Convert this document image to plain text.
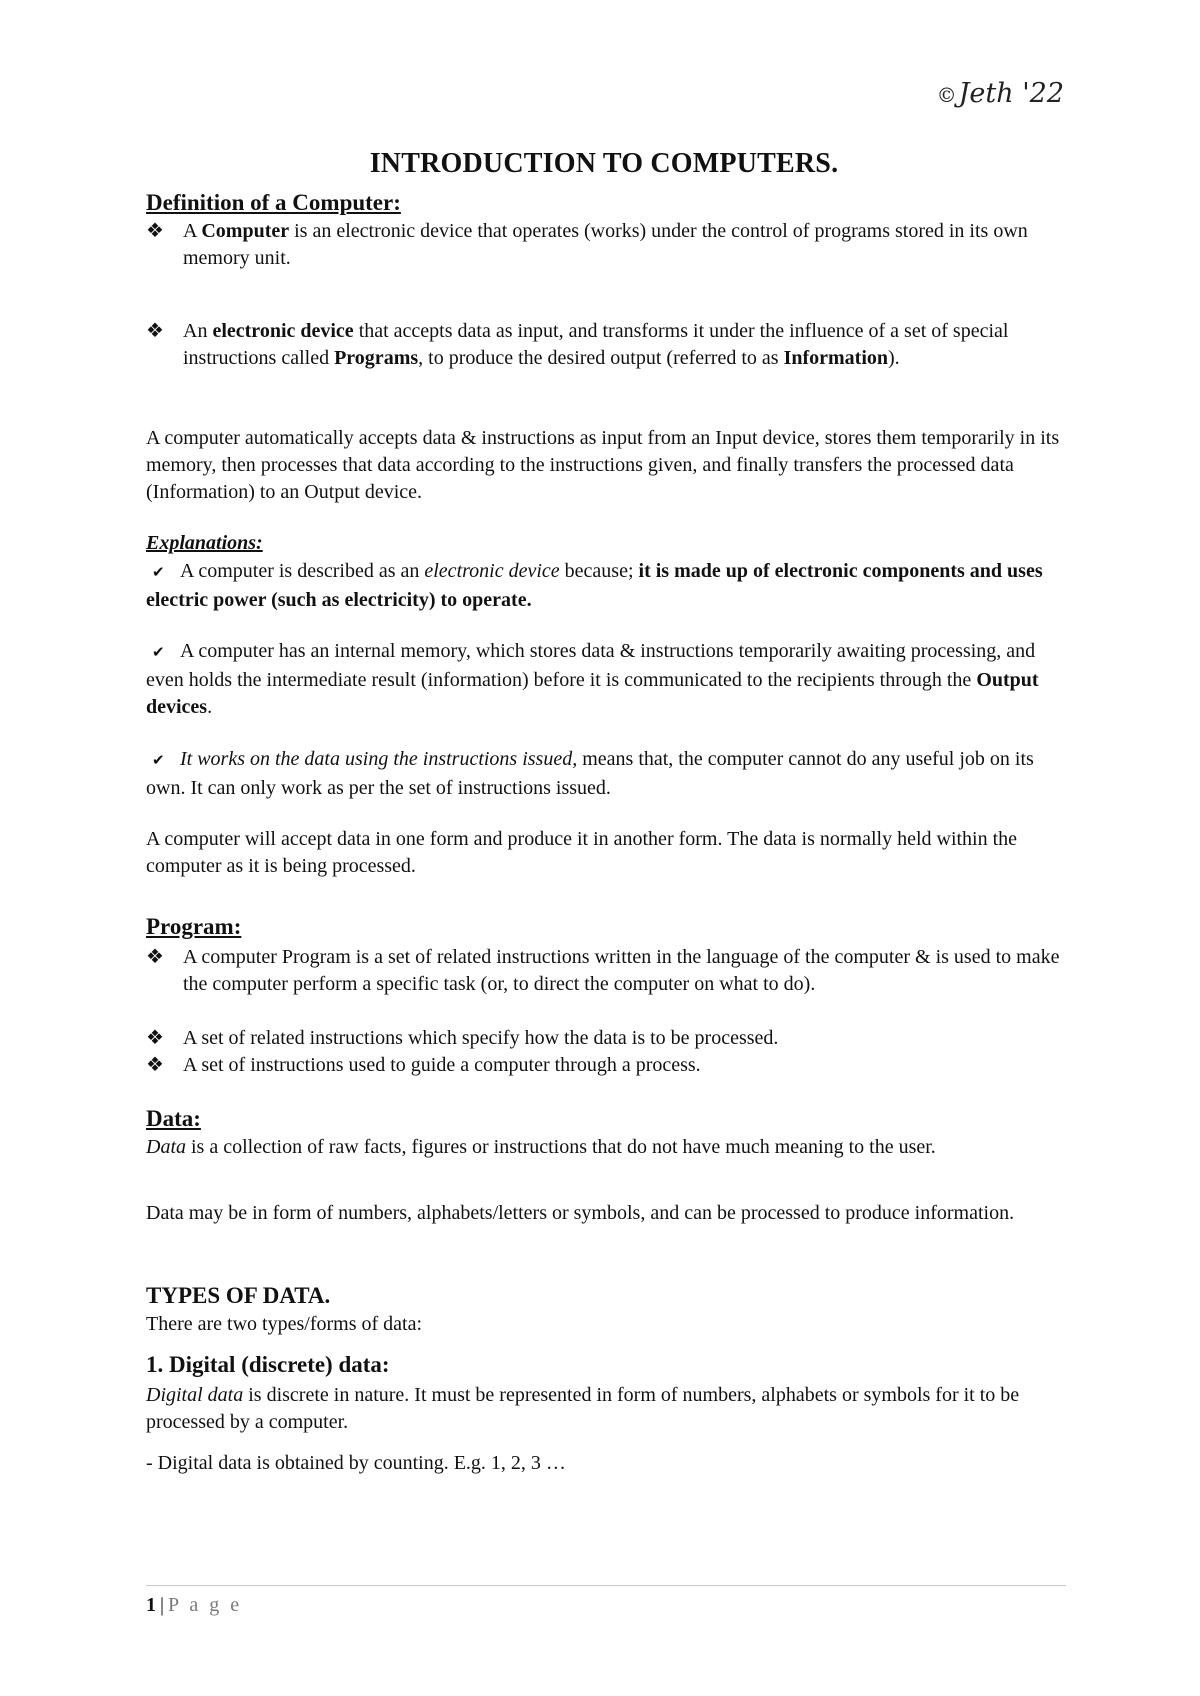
©Jeth '22
INTRODUCTION TO COMPUTERS.
Definition of a Computer:
❖ A Computer is an electronic device that operates (works) under the control of programs stored in its own memory unit.
❖ An electronic device that accepts data as input, and transforms it under the influence of a set of special instructions called Programs, to produce the desired output (referred to as Information).
A computer automatically accepts data & instructions as input from an Input device, stores them temporarily in its memory, then processes that data according to the instructions given, and finally transfers the processed data (Information) to an Output device.
Explanations:
✔ A computer is described as an electronic device because; it is made up of electronic components and uses electric power (such as electricity) to operate.
✔ A computer has an internal memory, which stores data & instructions temporarily awaiting processing, and even holds the intermediate result (information) before it is communicated to the recipients through the Output devices.
✔ It works on the data using the instructions issued, means that, the computer cannot do any useful job on its own. It can only work as per the set of instructions issued.
A computer will accept data in one form and produce it in another form. The data is normally held within the computer as it is being processed.
Program:
❖ A computer Program is a set of related instructions written in the language of the computer & is used to make the computer perform a specific task (or, to direct the computer on what to do).
❖ A set of related instructions which specify how the data is to be processed.
❖ A set of instructions used to guide a computer through a process.
Data:
Data is a collection of raw facts, figures or instructions that do not have much meaning to the user.
Data may be in form of numbers, alphabets/letters or symbols, and can be processed to produce information.
TYPES OF DATA.
There are two types/forms of data:
1. Digital (discrete) data:
Digital data is discrete in nature. It must be represented in form of numbers, alphabets or symbols for it to be processed by a computer.
- Digital data is obtained by counting. E.g. 1, 2, 3 …
1 | P a g e
